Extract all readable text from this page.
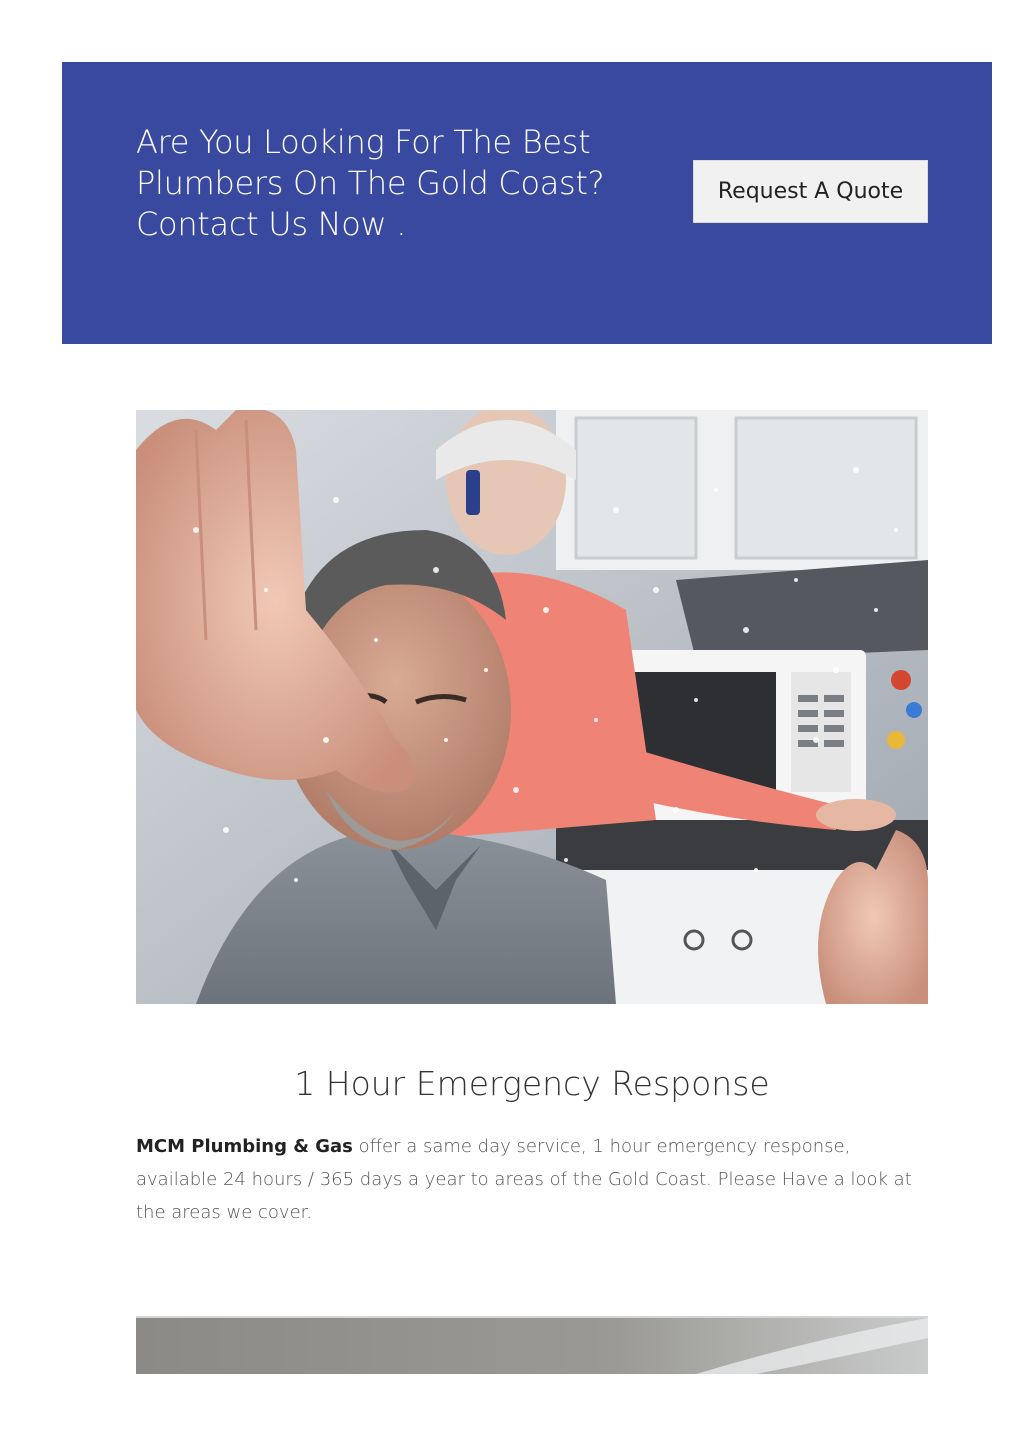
Are You Looking For The Best
Plumbers On The Gold Coast?
Contact Us Now .
Request A Quote
1 Hour Emergency Response

MCM Plumbing & Gas offer a same day service, 1 hour emergency response, available 24 hours / 365 days a year to areas of the Gold Coast. Please Have a look at the areas we cover.
